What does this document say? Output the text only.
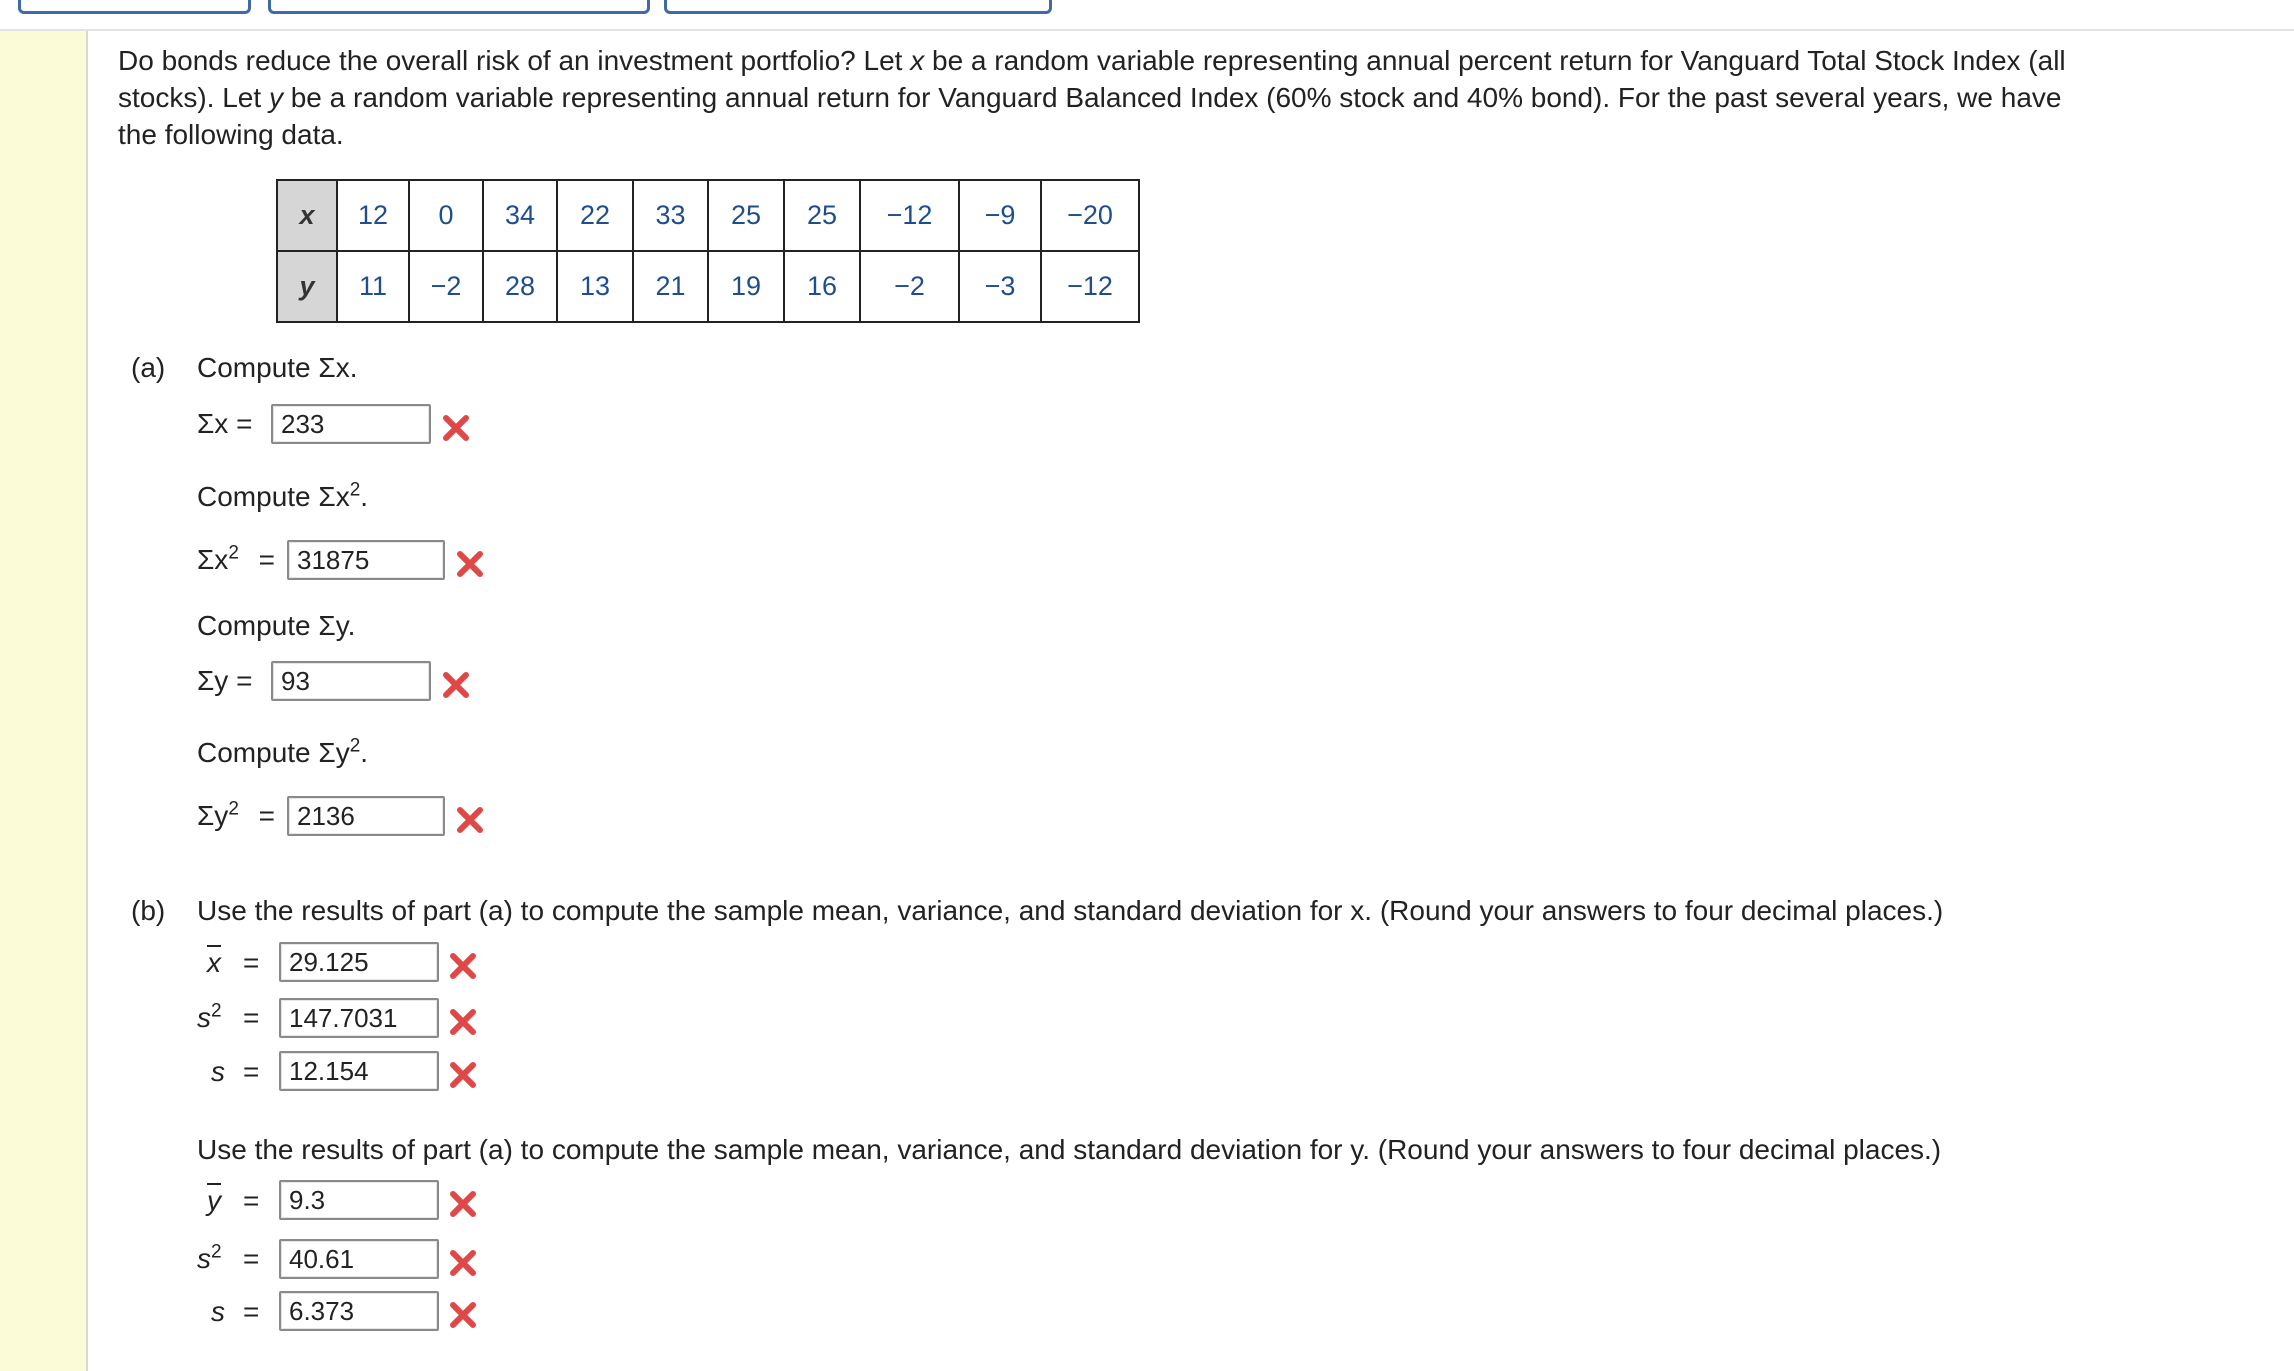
Do bonds reduce the overall risk of an investment portfolio? Let x be a random variable representing annual percent return for Vanguard Total Stock Index (all
stocks). Let y be a random variable representing annual return for Vanguard Balanced Index (60% stock and 40% bond). For the past several years, we have
the following data.
x	12	0	34	22	33	25	25	−12	−9	−20
y	11	−2	28	13	21	19	16	−2	−3	−12
(a) Compute Σx.
Σx =	233
Compute $\Sigma x^2$.
$\Sigma x^2 = 31875$
Compute Σy.
Σy =	93
Compute $\Sigma y^2$.
$\Sigma y^2 = 2136$
(b) Use the results of part (a) to compute the sample mean, variance, and standard deviation for x. (Round your answers to four decimal places.)
$\overline{x}$ =	29.125
$s^2$ =	147.7031
s =	12.154
Use the results of part (a) to compute the sample mean, variance, and standard deviation for y. (Round your answers to four decimal places.)
$\overline{y}$ =	9.3
$s^2$ =	40.61
s =	6.373
